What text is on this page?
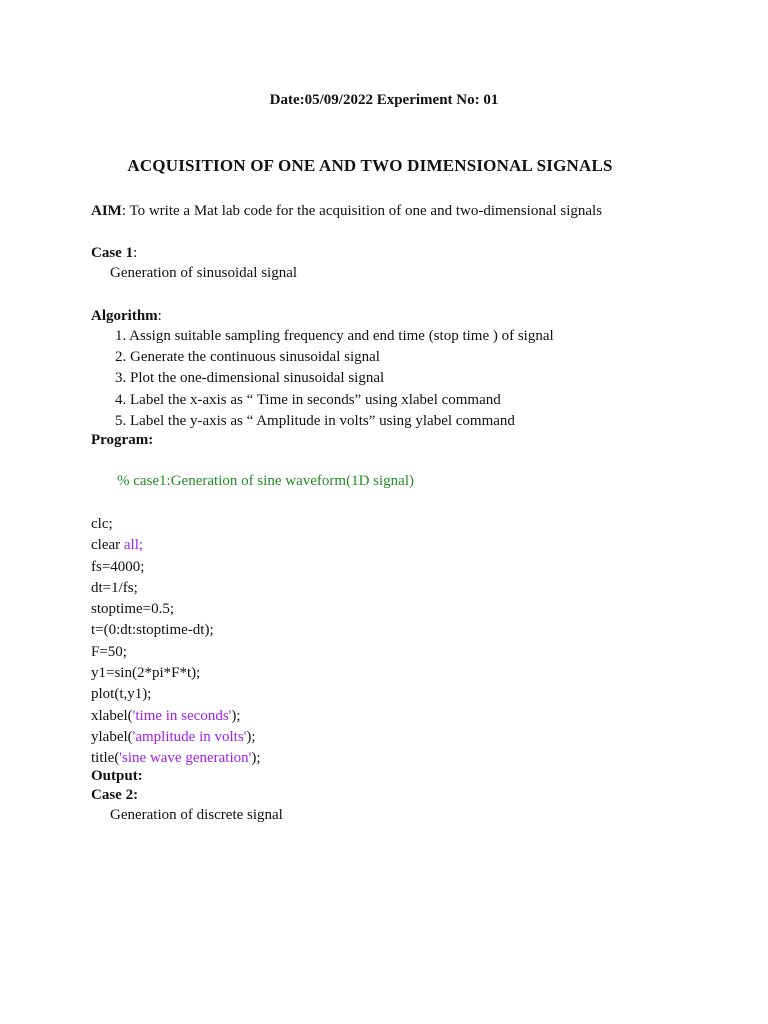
Date:05/09/2022 Experiment No: 01
ACQUISITION OF ONE AND TWO DIMENSIONAL SIGNALS
AIM: To write a Mat lab code for the acquisition of one and two-dimensional signals
Case 1:
Generation of sinusoidal signal
Algorithm:
1. Assign suitable sampling frequency and end time (stop time ) of signal
2. Generate the continuous sinusoidal signal
3. Plot the one-dimensional sinusoidal signal
4. Label the x-axis as “ Time in seconds” using xlabel command
5. Label the y-axis as “ Amplitude in volts” using ylabel command
Program:
% case1:Generation of sine waveform(1D signal)
clc;
clear all;
fs=4000;
dt=1/fs;
stoptime=0.5;
t=(0:dt:stoptime-dt);
F=50;
y1=sin(2*pi*F*t);
plot(t,y1);
xlabel('time in seconds');
ylabel('amplitude in volts');
title('sine wave generation');
Output:
Case 2:
Generation of discrete signal
